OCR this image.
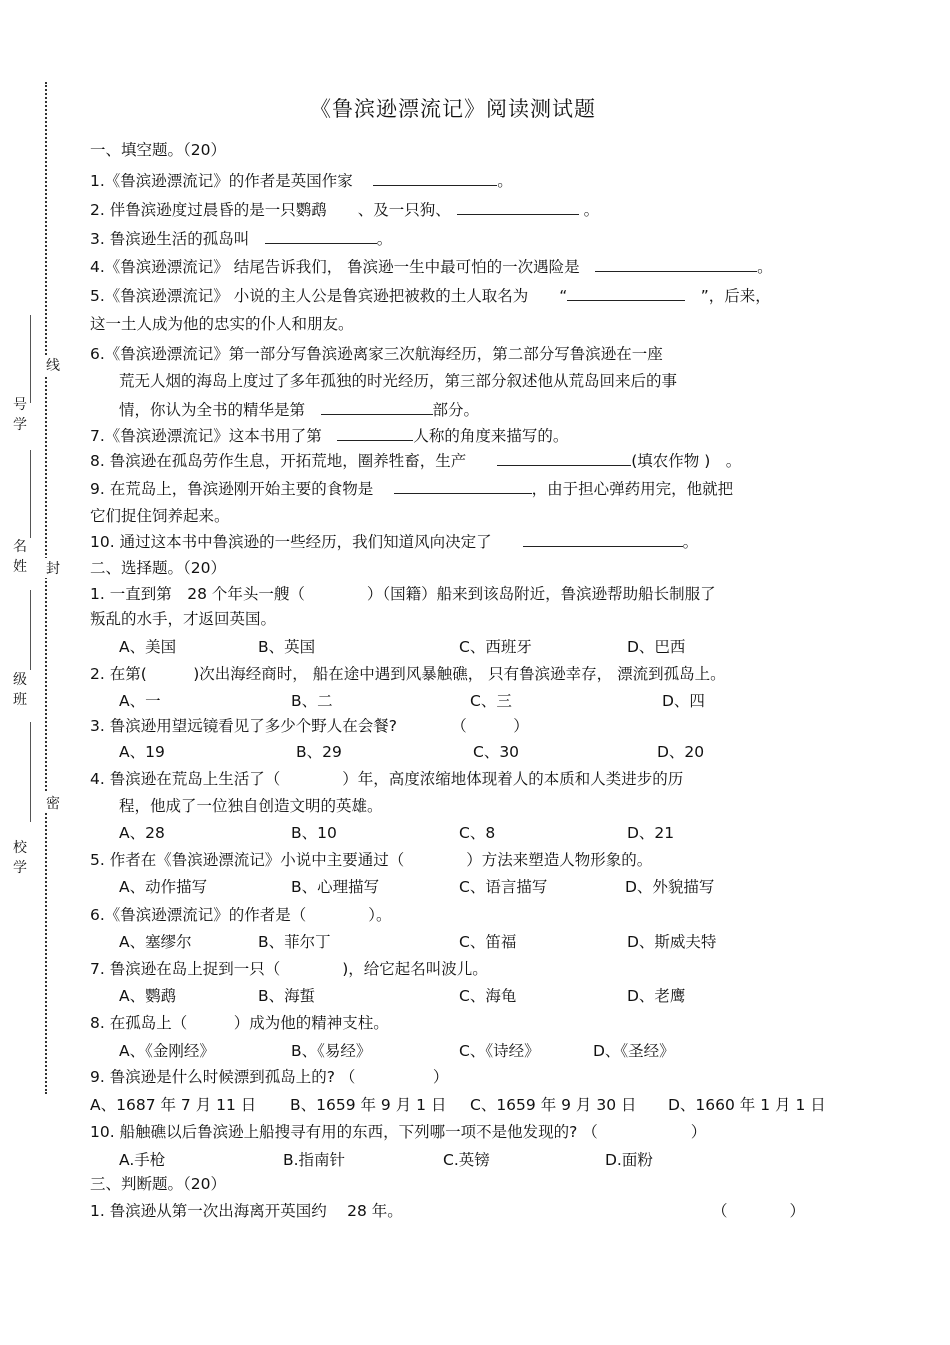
号
学
名
姓
级
班
校
学
线
封
密
《鲁滨逊漂流记》阅读测试题
一、填空题。（20）
1.《鲁滨逊漂流记》的作者是英国作家　	。
2. 伴鲁滨逊度过晨昏的是一只鹦鹉　　、及一只狗、	。
3. 鲁滨逊生活的孤岛叫　	。
4.《鲁滨逊漂流记》 结尾告诉我们， 鲁滨逊一生中最可怕的一次遇险是　	。
5.《鲁滨逊漂流记》 小说的主人公是鲁宾逊把被救的土人取名为　　 “　	”，后来，
这一土人成为他的忠实的仆人和朋友。
6.《鲁滨逊漂流记》第一部分写鲁滨逊离家三次航海经历，第二部分写鲁滨逊在一座
荒无人烟的海岛上度过了多年孤独的时光经历，第三部分叙述他从荒岛回来后的事
情，你认为全书的精华是第　	部分。
7.《鲁滨逊漂流记》这本书用了第　	人称的角度来描写的。
8. 鲁滨逊在孤岛劳作生息，开拓荒地，圈养牲畜，生产　　	(填农作物 )　。
9. 在荒岛上，鲁滨逊刚开始主要的食物是　	，由于担心弹药用完，他就把
它们捉住饲养起来。
10. 通过这本书中鲁滨逊的一些经历，我们知道风向决定了　　	。
二、选择题。（20）
1. 一直到第　28 个年头一艘（　　　　）（国籍）船来到该岛附近，鲁滨逊帮助船长制服了
叛乱的水手，才返回英国。
A、美国	B、英国	C、西班牙	D、巴西
2. 在第(　　　)次出海经商时， 船在途中遇到风暴触礁， 只有鲁滨逊幸存， 漂流到孤岛上。
A、一	B、二	C、三	D、四
3. 鲁滨逊用望远镜看见了多少个野人在会餐?　　　　（　　　）
A、19	B、29	C、30	D、20
4. 鲁滨逊在荒岛上生活了（　　　　）年，高度浓缩地体现着人的本质和人类进步的历
程，他成了一位独自创造文明的英雄。
A、28	B、10	C、8	D、21
5. 作者在《鲁滨逊漂流记》小说中主要通过（　　　　）方法来塑造人物形象的。
A、动作描写	B、心理描写	C、语言描写	D、外貌描写
6.《鲁滨逊漂流记》的作者是（　　　　）。
A、塞缪尔	B、菲尔丁	C、笛福	D、斯威夫特
7. 鲁滨逊在岛上捉到一只（　　　　)，给它起名叫波儿。
A、鹦鹉	B、海蜇	C、海龟	D、老鹰
8. 在孤岛上（　　　）成为他的精神支柱。
A、《金刚经》	B、《易经》	C、《诗经》	D、《圣经》
9. 鲁滨逊是什么时候漂到孤岛上的? （　　　　　）
A、1687 年 7 月 11 日 B、1659 年 9 月 1 日 C、1659 年 9 月 30 日 D、1660 年 1 月 1 日
10. 船触礁以后鲁滨逊上船搜寻有用的东西，下列哪一项不是他发现的? （　　　　　　）
A.手枪	B.指南针	C.英镑	D.面粉
三、判断题。（20）
1. 鲁滨逊从第一次出海离开英国约　 28 年。	（　　　　）
